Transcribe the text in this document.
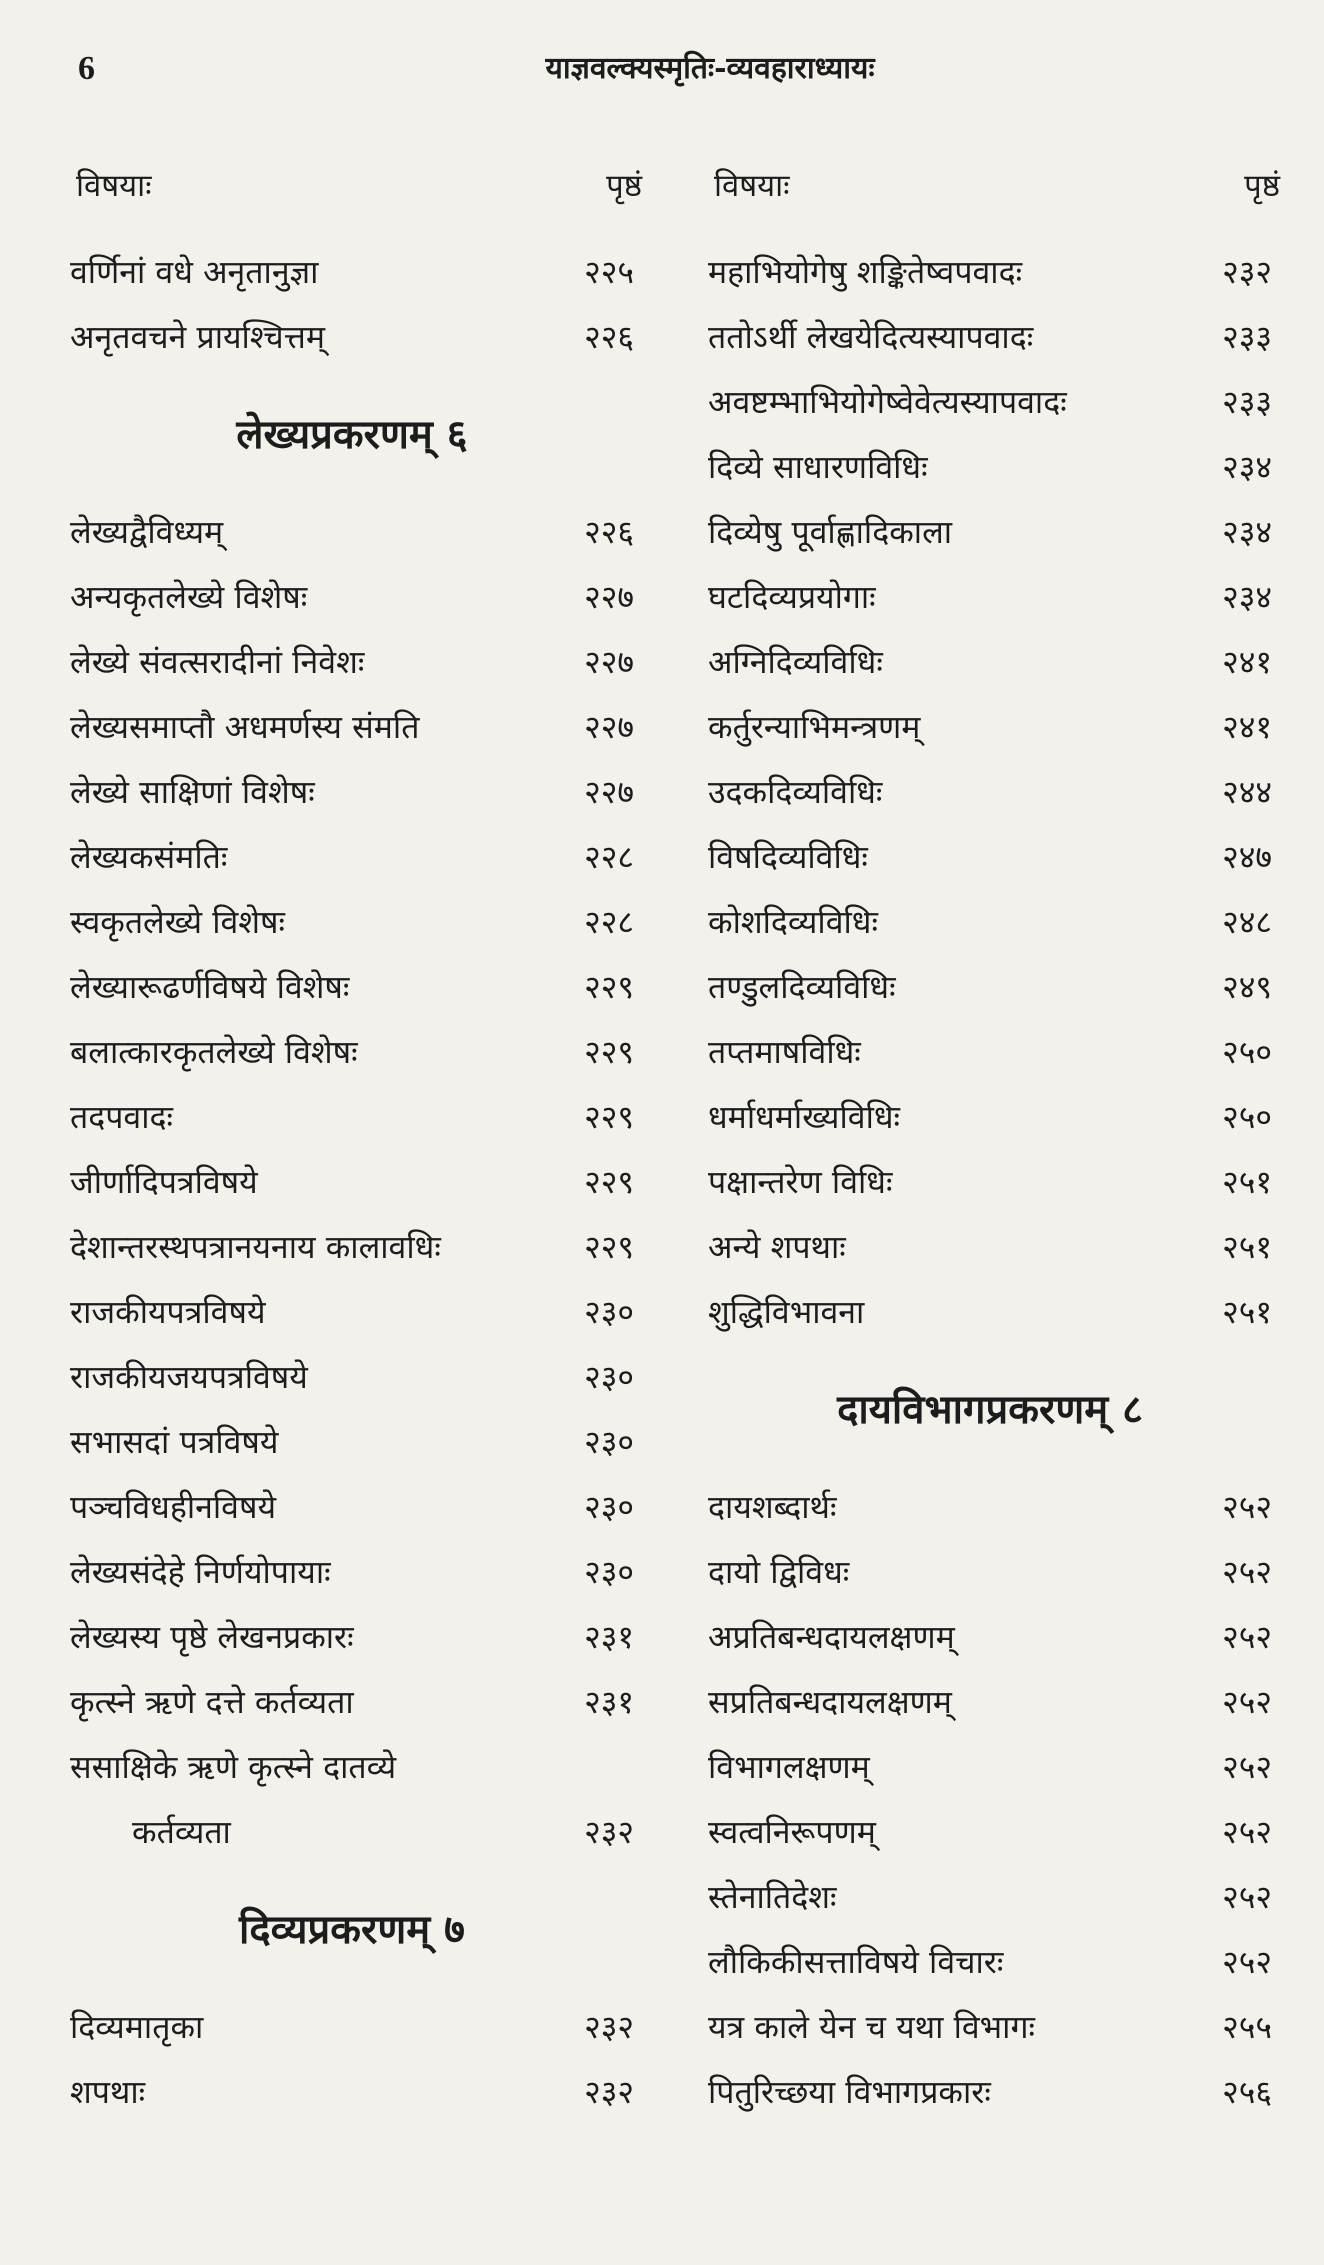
6	याज्ञवल्क्यस्मृतिः-व्यवहाराध्यायः
विषयाः	पृष्ठं
वर्णिनां वधे अनृतानुज्ञा	२२५
अनृतवचने प्रायश्चित्तम्	२२६
लेख्यप्रकरणम् ६
लेख्यद्वैविध्यम्	२२६
अन्यकृतलेख्ये विशेषः	२२७
लेख्ये संवत्सरादीनां निवेशः	२२७
लेख्यसमाप्तौ अधमर्णस्य संमति	२२७
लेख्ये साक्षिणां विशेषः	२२७
लेख्यकसंमतिः	२२८
स्वकृतलेख्ये विशेषः	२२८
लेख्यारूढर्णविषये विशेषः	२२९
बलात्कारकृतलेख्ये विशेषः	२२९
तदपवादः	२२९
जीर्णादिपत्रविषये	२२९
देशान्तरस्थपत्रानयनाय कालावधिः	२२९
राजकीयपत्रविषये	२३०
राजकीयजयपत्रविषये	२३०
सभासदां पत्रविषये	२३०
पञ्चविधहीनविषये	२३०
लेख्यसंदेहे निर्णयोपायाः	२३०
लेख्यस्य पृष्ठे लेखनप्रकारः	२३१
कृत्स्ने ऋणे दत्ते कर्तव्यता	२३१
ससाक्षिके ऋणे कृत्स्ने दातव्ये
कर्तव्यता	२३२
दिव्यप्रकरणम् ७
दिव्यमातृका	२३२
शपथाः	२३२
विषयाः	पृष्ठं
महाभियोगेषु शङ्कितेष्वपवादः	२३२
ततोऽर्थी लेखयेदित्यस्यापवादः	२३३
अवष्टम्भाभियोगेष्वेवेत्यस्यापवादः	२३३
दिव्ये साधारणविधिः	२३४
दिव्येषु पूर्वाह्णादिकाला	२३४
घटदिव्यप्रयोगाः	२३४
अग्निदिव्यविधिः	२४१
कर्तुरन्याभिमन्त्रणम्	२४१
उदकदिव्यविधिः	२४४
विषदिव्यविधिः	२४७
कोशदिव्यविधिः	२४८
तण्डुलदिव्यविधिः	२४९
तप्तमाषविधिः	२५०
धर्माधर्माख्यविधिः	२५०
पक्षान्तरेण विधिः	२५१
अन्ये शपथाः	२५१
शुद्धिविभावना	२५१
दायविभागप्रकरणम् ८
दायशब्दार्थः	२५२
दायो द्विविधः	२५२
अप्रतिबन्धदायलक्षणम्	२५२
सप्रतिबन्धदायलक्षणम्	२५२
विभागलक्षणम्	२५२
स्वत्वनिरूपणम्	२५२
स्तेनातिदेशः	२५२
लौकिकीसत्ताविषये विचारः	२५२
यत्र काले येन च यथा विभागः	२५५
पितुरिच्छया विभागप्रकारः	२५६
